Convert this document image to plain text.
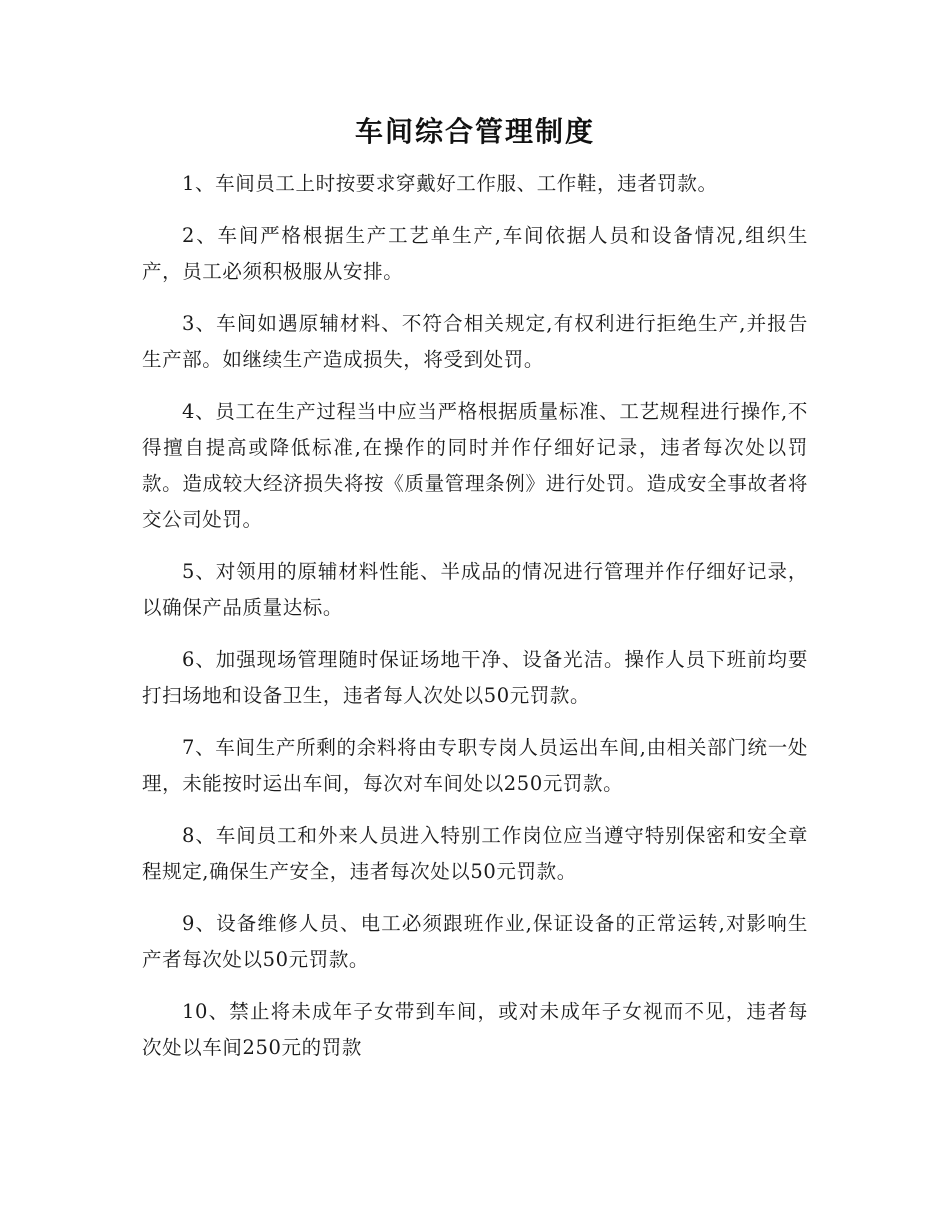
车间综合管理制度

1、车间员工上时按要求穿戴好工作服、工作鞋，违者罚款。

2、车间严格根据生产工艺单生产,车间依据人员和设备情况,组织生产，员工必须积极服从安排。

3、车间如遇原辅材料、不符合相关规定,有权利进行拒绝生产,并报告生产部。如继续生产造成损失，将受到处罚。

4、员工在生产过程当中应当严格根据质量标准、工艺规程进行操作,不得擅自提高或降低标准,在操作的同时并作仔细好记录，违者每次处以罚款。造成较大经济损失将按《质量管理条例》进行处罚。造成安全事故者将交公司处罚。

5、对领用的原辅材料性能、半成品的情况进行管理并作仔细好记录，以确保产品质量达标。

6、加强现场管理随时保证场地干净、设备光洁。操作人员下班前均要打扫场地和设备卫生，违者每人次处以50元罚款。

7、车间生产所剩的余料将由专职专岗人员运出车间,由相关部门统一处理，未能按时运出车间，每次对车间处以250元罚款。

8、车间员工和外来人员进入特别工作岗位应当遵守特别保密和安全章程规定,确保生产安全，违者每次处以50元罚款。

9、设备维修人员、电工必须跟班作业,保证设备的正常运转,对影响生产者每次处以50元罚款。

10、禁止将未成年子女带到车间，或对未成年子女视而不见，违者每次处以车间250元的罚款
